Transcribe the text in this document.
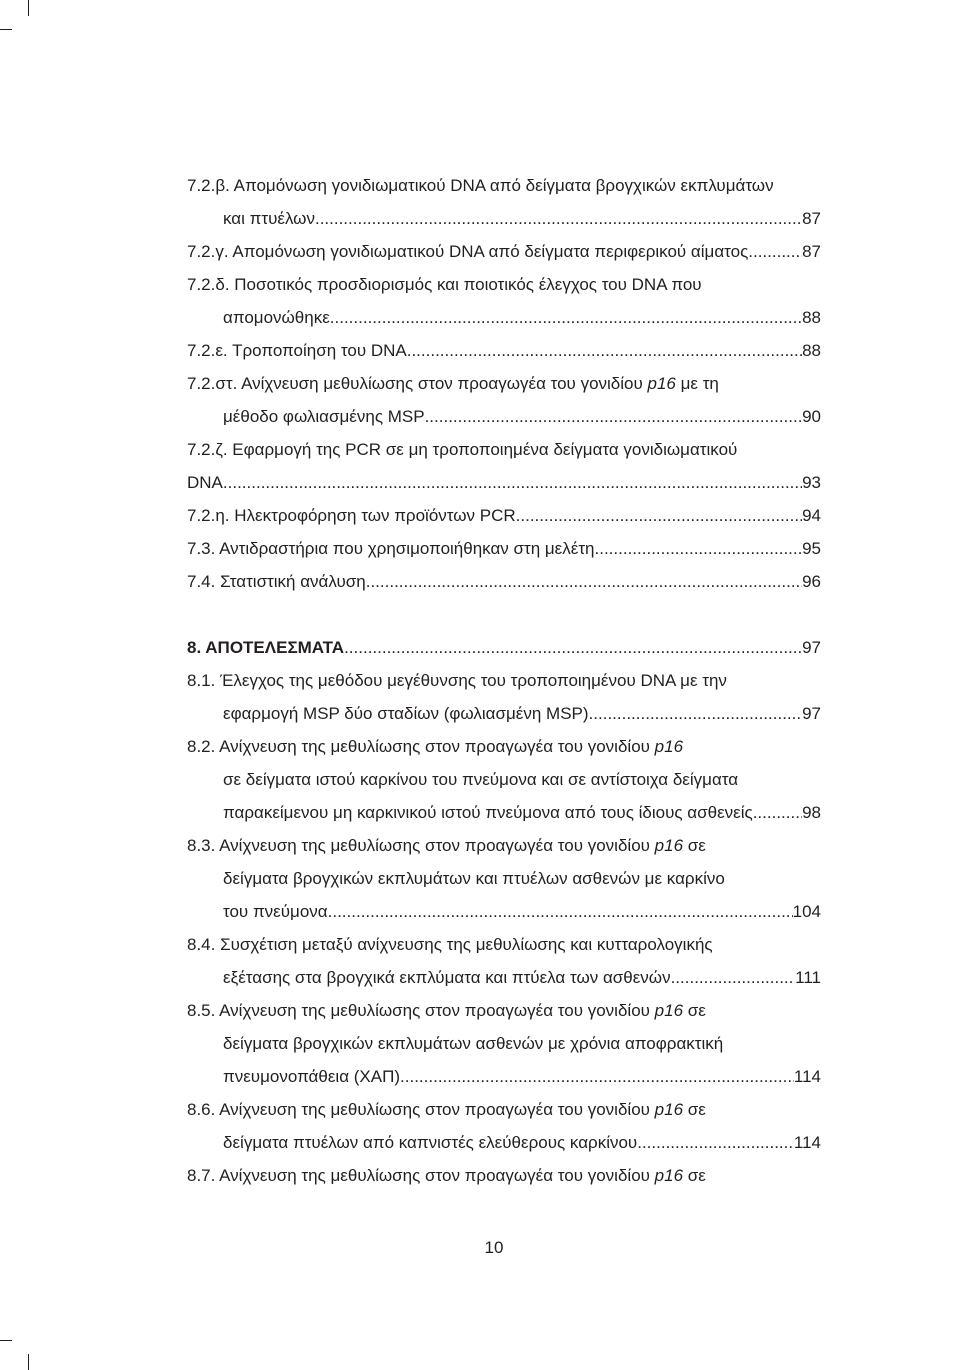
7.2.β. Απομόνωση γονιδιωματικού DNA από δείγματα βρογχικών εκπλυμάτων
και πτυέλων .....	87
7.2.γ. Απομόνωση γονιδιωματικού DNA από δείγματα περιφερικού αίματος .....	87
7.2.δ. Ποσοτικός προσδιορισμός και ποιοτικός έλεγχος του DNA που
απομονώθηκε .....	88
7.2.ε. Τροποποίηση του DNA .....	88
7.2.στ. Ανίχνευση μεθυλίωσης στον προαγωγέα του γονιδίου p16 με τη
μέθοδο φωλιασμένης MSP .....	90
7.2.ζ. Εφαρμογή της PCR σε μη τροποποιημένα δείγματα γονιδιωματικού
DNA .....	93
7.2.η. Ηλεκτροφόρηση των προϊόντων PCR .....	94
7.3. Αντιδραστήρια που χρησιμοποιήθηκαν στη μελέτη .....	95
7.4. Στατιστική ανάλυση .....	96
8. ΑΠΟΤΕΛΕΣΜΑΤΑ .....	97
8.1. Έλεγχος της μεθόδου μεγέθυνσης του τροποποιημένου DNA με την
εφαρμογή MSP δύο σταδίων (φωλιασμένη MSP) .....	97
8.2. Ανίχνευση της μεθυλίωσης στον προαγωγέα του γονιδίου p16
σε δείγματα ιστού καρκίνου του πνεύμονα και σε αντίστοιχα δείγματα
παρακείμενου μη καρκινικού ιστού πνεύμονα από τους ίδιους ασθενείς .....	98
8.3. Ανίχνευση της μεθυλίωσης στον προαγωγέα του γονιδίου p16 σε
δείγματα βρογχικών εκπλυμάτων και πτυέλων ασθενών με καρκίνο
του πνεύμονα .....	104
8.4. Συσχέτιση μεταξύ ανίχνευσης της μεθυλίωσης και κυτταρολογικής
εξέτασης στα βρογχικά εκπλύματα και πτύελα των ασθενών .....	111
8.5. Ανίχνευση της μεθυλίωσης στον προαγωγέα του γονιδίου p16 σε
δείγματα βρογχικών εκπλυμάτων ασθενών με χρόνια αποφρακτική
πνευμονοπάθεια (ΧΑΠ) .....	114
8.6. Ανίχνευση της μεθυλίωσης στον προαγωγέα του γονιδίου p16 σε
δείγματα πτυέλων από καπνιστές ελεύθερους καρκίνου .....	114
8.7. Ανίχνευση της μεθυλίωσης στον προαγωγέα του γονιδίου p16 σε
10
